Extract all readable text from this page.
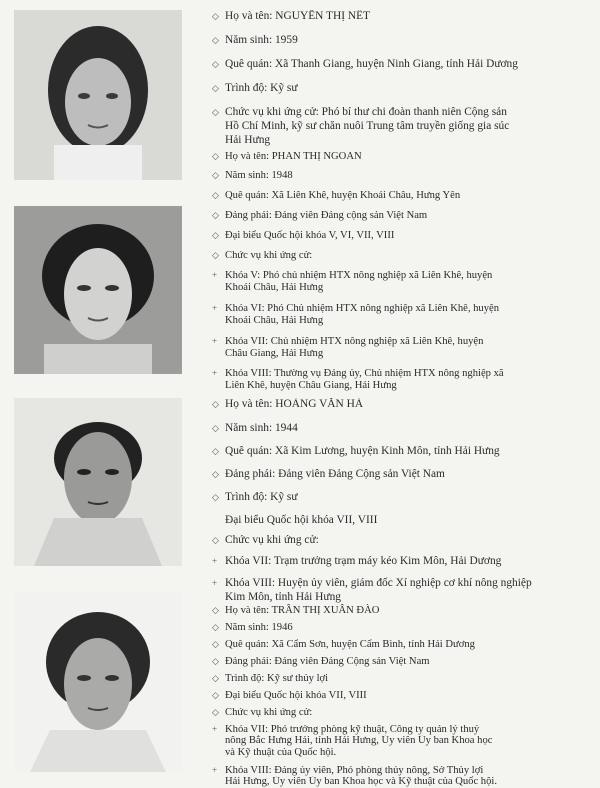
◇ Họ và tên: NGUYỄN THỊ NẾT
◇ Năm sinh: 1959
◇ Quê quán: Xã Thanh Giang, huyện Ninh Giang, tỉnh Hải Dương
◇ Trình độ: Kỹ sư
◇ Chức vụ khi ứng cử: Phó bí thư chi đoàn thanh niên Cộng sản
Hồ Chí Minh, kỹ sư chăn nuôi Trung tâm truyền giống gia súc
Hải Hưng
◇ Họ và tên: PHAN THỊ NGOAN
◇ Năm sinh: 1948
◇ Quê quán: Xã Liên Khê, huyện Khoái Châu, Hưng Yên
◇ Đảng phái: Đảng viên Đảng cộng sản Việt Nam
◇ Đại biểu Quốc hội khóa V, VI, VII, VIII
◇ Chức vụ khi ứng cử:
+ Khóa V: Phó chủ nhiệm HTX nông nghiệp xã Liên Khê, huyện
Khoái Châu, Hải Hưng
+ Khóa VI: Phó Chủ nhiệm HTX nông nghiệp xã Liên Khê, huyện
Khoái Châu, Hải Hưng
+ Khóa VII: Chủ nhiệm HTX nông nghiệp xã Liên Khê, huyện
Châu Giang, Hải Hưng
+ Khóa VIII: Thường vụ Đảng ủy, Chủ nhiệm HTX nông nghiệp xã
Liên Khê, huyện Châu Giang, Hải Hưng
◇ Họ và tên: HOÀNG VĂN HÀ
◇ Năm sinh: 1944
◇ Quê quán: Xã Kim Lương, huyện Kinh Môn, tỉnh Hải Hưng
◇ Đảng phái: Đảng viên Đảng Cộng sản Việt Nam
◇ Trình độ: Kỹ sư
Đại biểu Quốc hội khóa VII, VIII
◇ Chức vụ khi ứng cử:
+ Khóa VII: Trạm trưởng trạm máy kéo Kim Môn, Hải Dương
+ Khóa VIII: Huyện ủy viên, giám đốc Xí nghiệp cơ khí nông nghiệp
Kim Môn, tỉnh Hải Hưng
◇ Họ và tên: TRẦN THỊ XUÂN ĐÀO
◇ Năm sinh: 1946
◇ Quê quán: Xã Cẩm Sơn, huyện Cẩm Bình, tỉnh Hải Dương
◇ Đảng phái: Đảng viên Đảng Cộng sản Việt Nam
◇ Trình độ: Kỹ sư thủy lợi
◇ Đại biểu Quốc hội khóa VII, VIII
◇ Chức vụ khi ứng cử:
+ Khóa VII: Phó trưởng phòng kỹ thuật, Công ty quản lý thuỷ
nông Bắc Hưng Hải, tỉnh Hải Hưng, Ủy viên Ủy ban Khoa học
và Kỹ thuật của Quốc hội.
+ Khóa VIII: Đảng ủy viên, Phó phòng thủy nông, Sở Thủy lợi
Hải Hưng, Ủy viên Ủy ban Khoa học và Kỹ thuật của Quốc hội.
